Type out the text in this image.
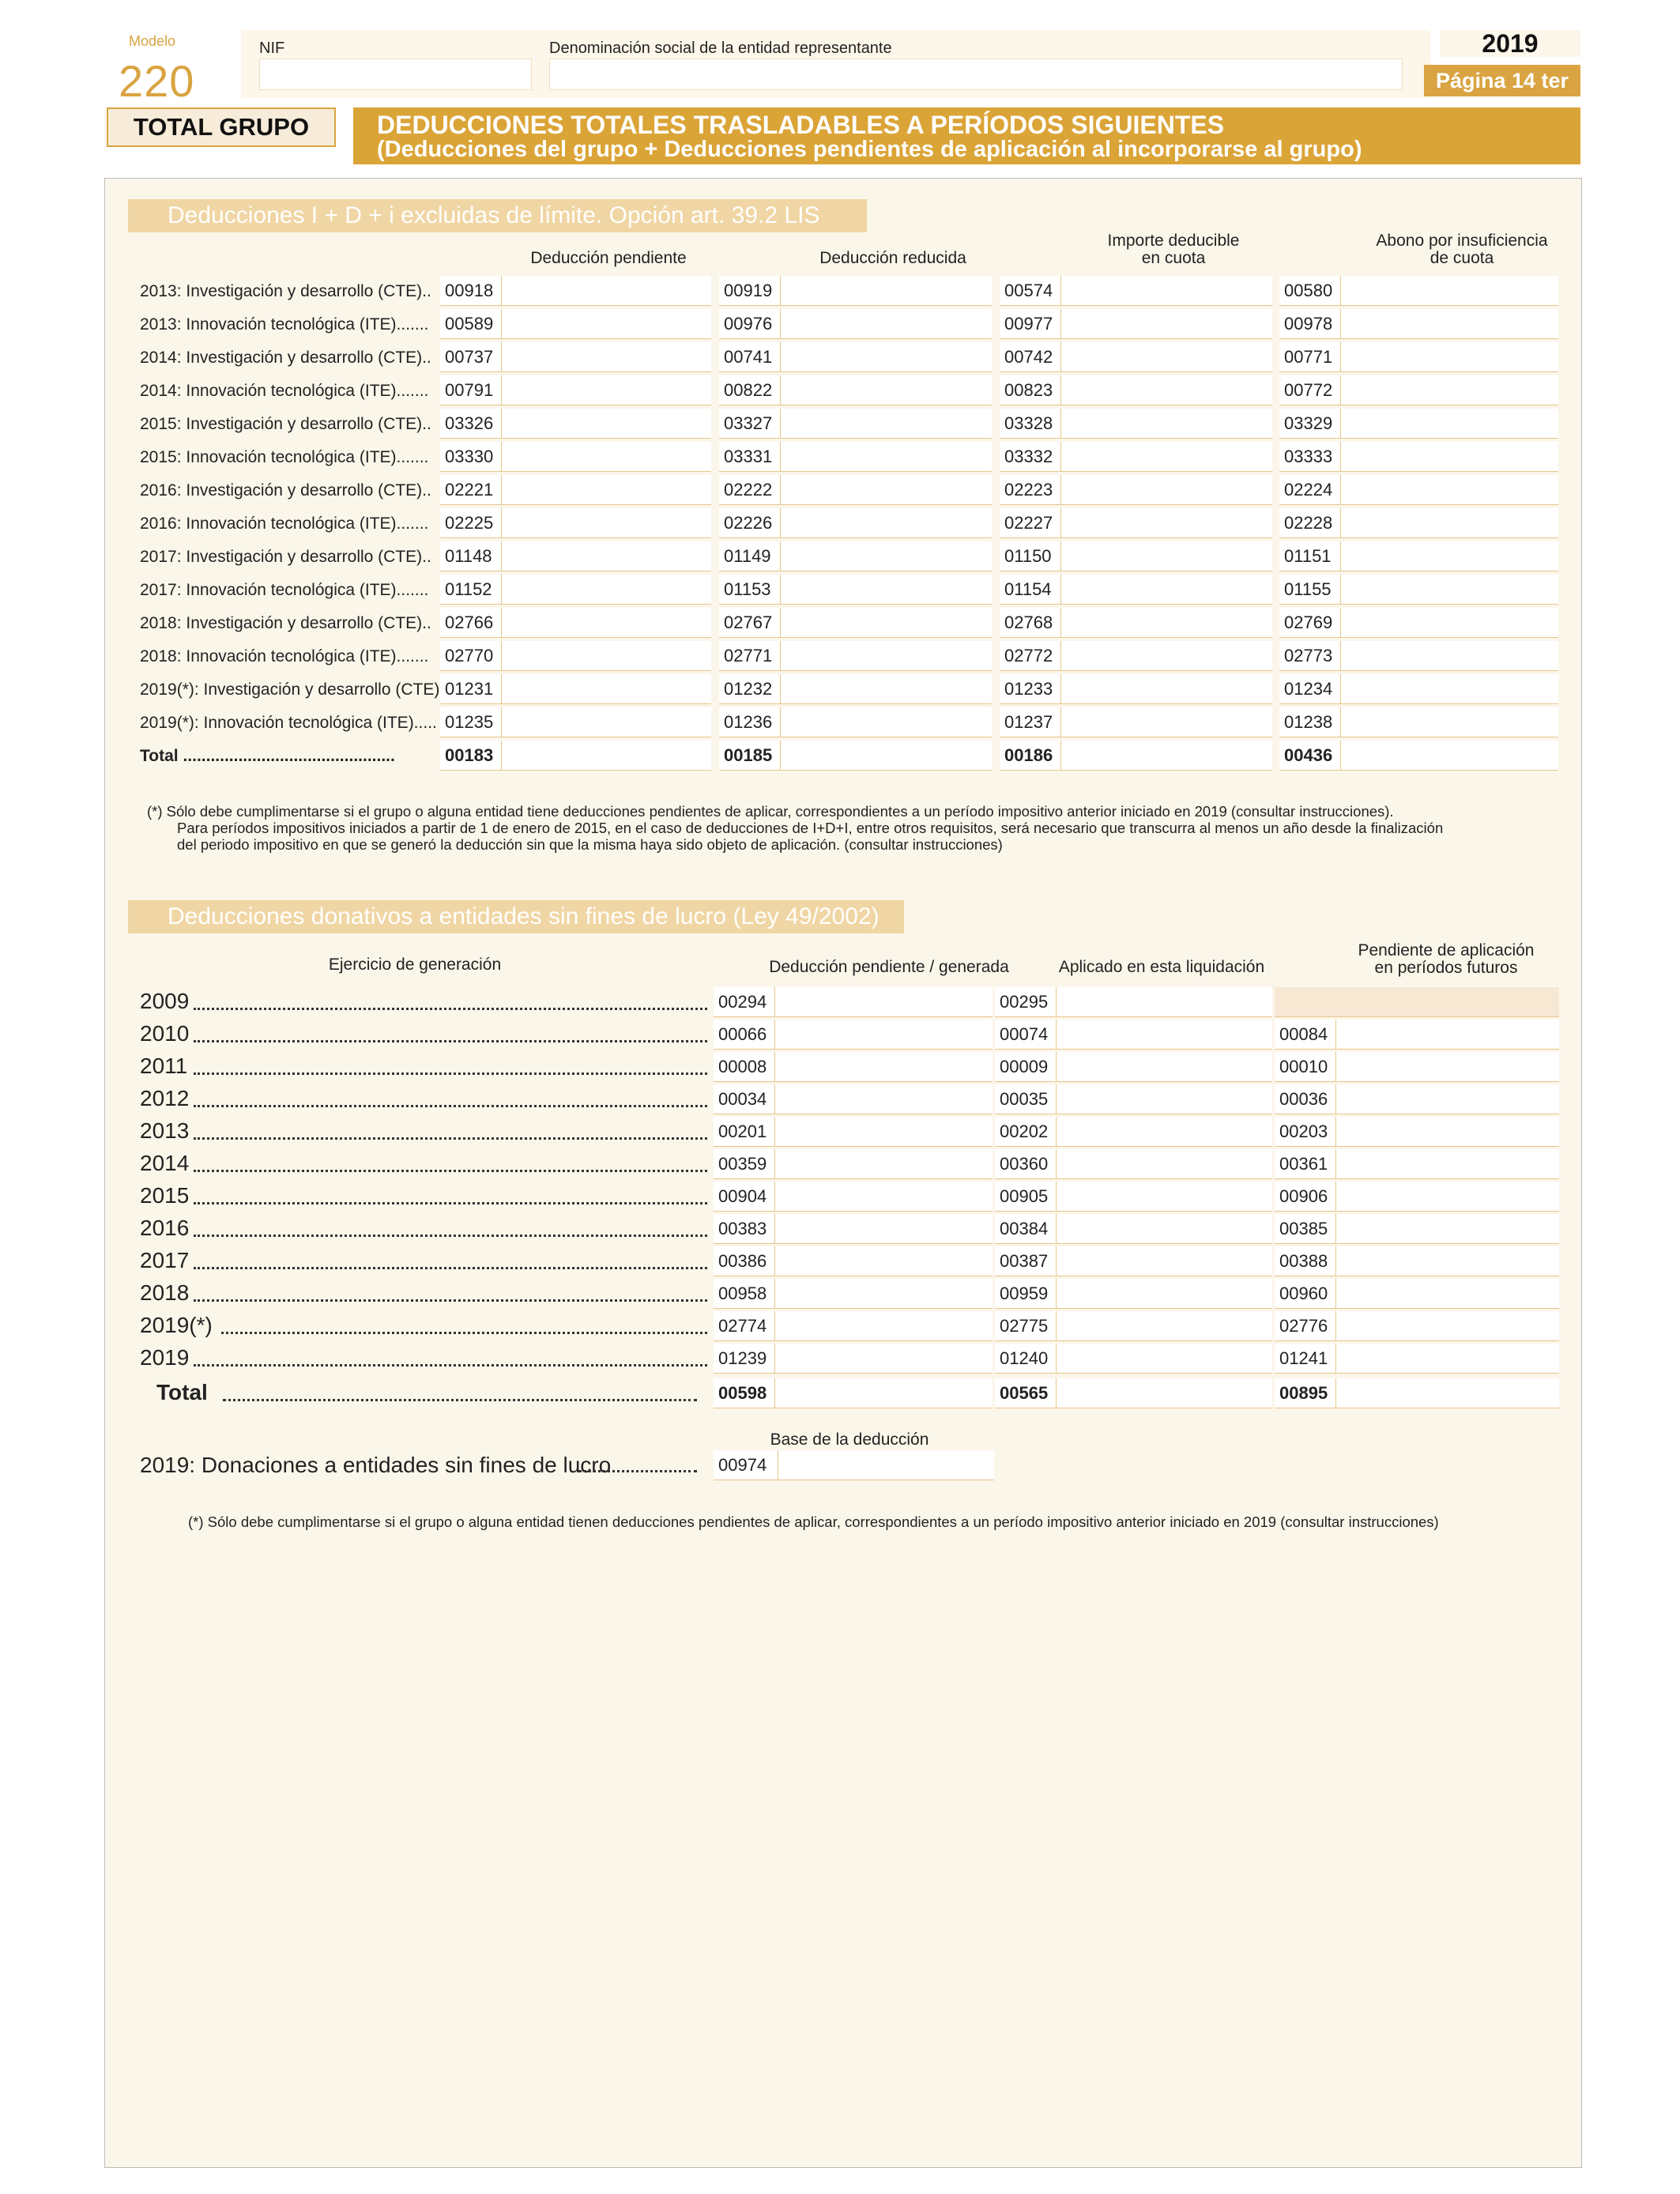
Modelo
220
TOTAL GRUPO
NIF	Denominación social de la entidad representante	2019
Página 14 ter
DEDUCCIONES TOTALES TRASLADABLES A PERÍODOS SIGUIENTES
(Deducciones del grupo + Deducciones pendientes de aplicación al incorporarse al grupo)
Deducciones I + D + i excluidas de límite. Opción art. 39.2 LIS
Deducción pendiente	Deducción reducida
Importe deducible
en cuota
Abono por insuficiencia
de cuota
2013: Investigación y desarrollo (CTE).. 00918	00919	00574	00580
2013: Innovación tecnológica (ITE)....... 00589	00976	00977	00978
2014: Investigación y desarrollo (CTE).. 00737	00741	00742	00771
2014: Innovación tecnológica (ITE)....... 00791	00822	00823	00772
2015: Investigación y desarrollo (CTE).. 03326	03327	03328	03329
2015: Innovación tecnológica (ITE)....... 03330	03331	03332	03333
2016: Investigación y desarrollo (CTE).. 02221	02222	02223	02224
2016: Innovación tecnológica (ITE)....... 02225	02226	02227	02228
2017: Investigación y desarrollo (CTE).. 01148	01149	01150	01151
2017: Innovación tecnológica (ITE)....... 01152	01153	01154	01155
2018: Investigación y desarrollo (CTE).. 02766	02767	02768	02769
2018: Innovación tecnológica (ITE)....... 02770	02771	02772	02773
2019(*): Investigación y desarrollo (CTE) 01231	01232	01233	01234
2019(*): Innovación tecnológica (ITE)..... 01235	01236	01237	01238
Total ..............................................	00183	00185	00186	00436
(*) Sólo debe cumplimentarse si el grupo o alguna entidad tiene deducciones pendientes de aplicar, correspondientes a un período impositivo anterior iniciado en 2019 (consultar instrucciones).
Para períodos impositivos iniciados a partir de 1 de enero de 2015, en el caso de deducciones de I+D+I, entre otros requisitos, será necesario que transcurra al menos un año desde la finalización
del periodo impositivo en que se generó la deducción sin que la misma haya sido objeto de aplicación. (consultar instrucciones)
Deducciones donativos a entidades sin fines de lucro (Ley 49/2002)
Ejercicio de generación	Deducción pendiente / generada	Aplicado en esta liquidación
Pendiente de aplicación
en períodos futuros
2009	00294	00295
2010	00066	00074	00084
2011	00008	00009	00010
2012	00034	00035	00036
2013	00201	00202	00203
2014	00359	00360	00361
2015	00904	00905	00906
2016	00383	00384	00385
2017	00386	00387	00388
2018	00958	00959	00960
2019(*)	02774	02775	02776
2019	01239	01240	01241
Total	00598	00565	00895
Base de la deducción
2019: Donaciones a entidades sin fines de lucro	00974
(*) Sólo debe cumplimentarse si el grupo o alguna entidad tienen deducciones pendientes de aplicar, correspondientes a un período impositivo anterior iniciado en 2019 (consultar instrucciones)
